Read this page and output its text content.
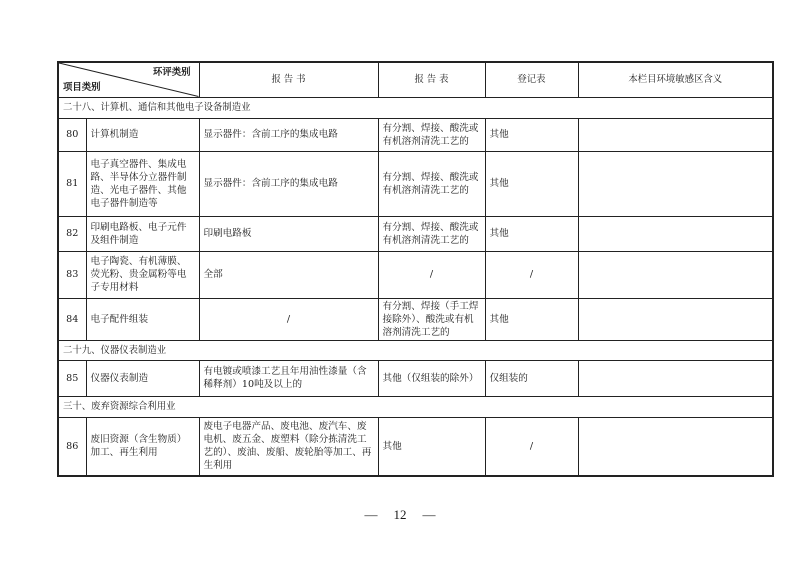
环评类别
项目类别		报 告 书	报 告 表	登记表	本栏目环境敏感区含义
二十八、计算机、通信和其他电子设备制造业					
80	计算机制造	显示器件：含前工序的集成电路	有分割、焊接、酸洗或有机溶剂清洗工艺的	其他	
81	电子真空器件、集成电路、半导体分立器件制造、光电子器件、其他电子器件制造等	显示器件：含前工序的集成电路	有分割、焊接、酸洗或有机溶剂清洗工艺的	其他	
82	印刷电路板、电子元件及组件制造	印刷电路板	有分割、焊接、酸洗或有机溶剂清洗工艺的	其他	
83	电子陶瓷、有机薄膜、荧光粉、贵金属粉等电子专用材料	全部	/	/	
84	电子配件组装	/	有分割、焊接（手工焊接除外）、酸洗或有机溶剂清洗工艺的	其他	
二十九、仪器仪表制造业					
85	仪器仪表制造	有电镀或喷漆工艺且年用油性漆量（含稀释剂）10吨及以上的	其他（仅组装的除外）	仅组装的	
三十、废弃资源综合利用业					
86	废旧资源（含生物质）加工、再生利用	废电子电器产品、废电池、废汽车、废电机、废五金、废塑料（除分拣清洗工艺的）、废油、废船、废轮胎等加工、再生利用	其他	/	
— 12 —
